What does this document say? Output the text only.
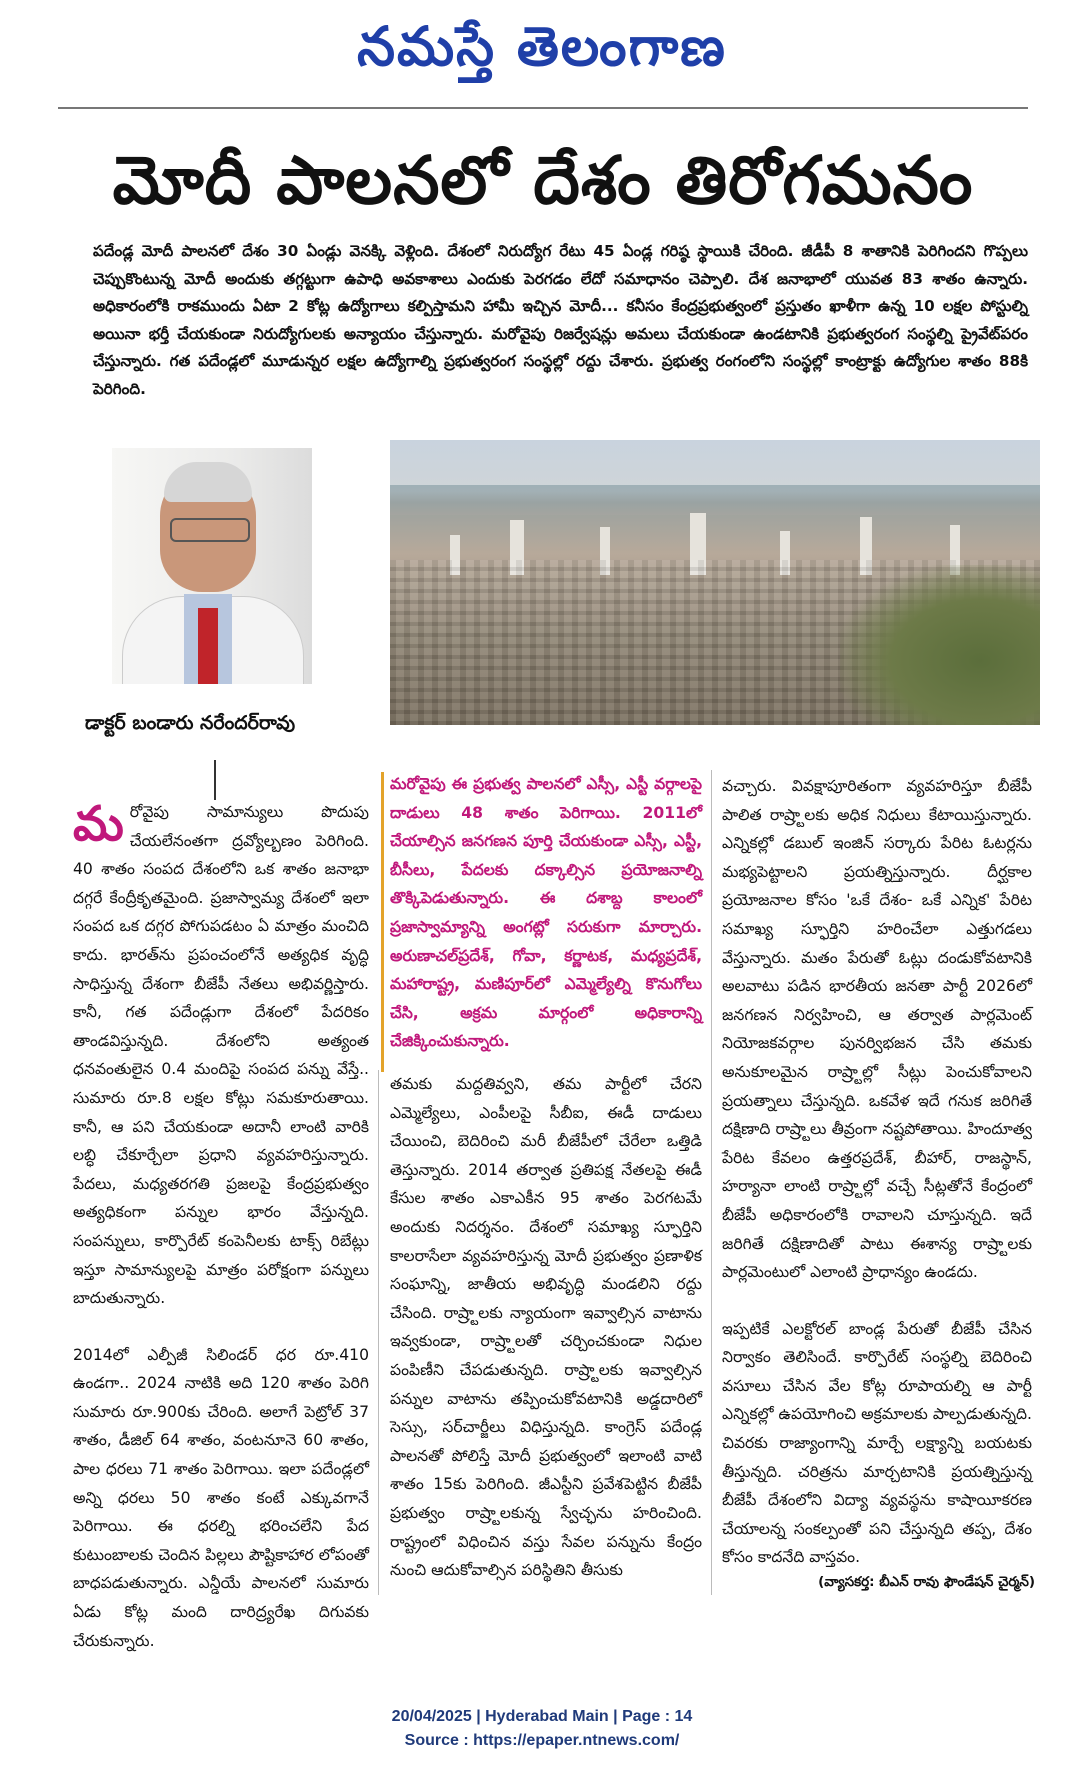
నమస్తే తెలంగాణ
మోదీ పాలనలో దేశం తిరోగమనం
పదేండ్ల మోదీ పాలనలో దేశం 30 ఏండ్లు వెనక్కి వెళ్లింది. దేశంలో నిరుద్యోగ రేటు 45 ఏండ్ల గరిష్ఠ స్థాయికి చేరింది. జీడీపీ 8 శాతానికి పెరిగిందని గొప్పలు చెప్పుకొంటున్న మోదీ అందుకు తగ్గట్టుగా ఉపాధి అవకాశాలు ఎందుకు పెరగడం లేదో సమాధానం చెప్పాలి. దేశ జనాభాలో యువత 83 శాతం ఉన్నారు. అధికారంలోకి రాకముందు ఏటా 2 కోట్ల ఉద్యోగాలు కల్పిస్తామని హామీ ఇచ్చిన మోదీ... కనీసం కేంద్రప్రభుత్వంలో ప్రస్తుతం ఖాళీగా ఉన్న 10 లక్షల పోస్టుల్ని అయినా భర్తీ చేయకుండా నిరుద్యోగులకు అన్యాయం చేస్తున్నారు. మరోవైపు రిజర్వేషన్లు అమలు చేయకుండా ఉండటానికి ప్రభుత్వరంగ సంస్థల్ని ప్రైవేట్‌పరం చేస్తున్నారు. గత పదేండ్లలో మూడున్నర లక్షల ఉద్యోగాల్ని ప్రభుత్వరంగ సంస్థల్లో రద్దు చేశారు. ప్రభుత్వ రంగంలోని సంస్థల్లో కాంట్రాక్టు ఉద్యోగుల శాతం 88కి పెరిగింది.
డాక్టర్ బండారు నరేందర్‌రావు

మరోవైపు సామాన్యులు పొదుపు చేయలేనంతగా ద్రవ్యోల్బణం పెరిగింది. 40 శాతం సంపద దేశంలోని ఒక శాతం జనాభా దగ్గరే కేంద్రీకృతమైంది. ప్రజాస్వామ్య దేశంలో ఇలా సంపద ఒక దగ్గర పోగుపడటం ఏ మాత్రం మంచిది కాదు. భారత్‌ను ప్రపంచంలోనే అత్యధిక వృద్ధి సాధిస్తున్న దేశంగా బీజేపీ నేతలు అభివర్ణిస్తారు. కానీ, గత పదేండ్లుగా దేశంలో పేదరికం తాండవిస్తున్నది. దేశంలోని అత్యంత ధనవంతులైన 0.4 మందిపై సంపద పన్ను వేస్తే.. సుమారు రూ.8 లక్షల కోట్లు సమకూరుతాయి. కానీ, ఆ పని చేయకుండా అదానీ లాంటి వారికి లబ్ధి చేకూర్చేలా ప్రధాని వ్యవహరిస్తున్నారు. పేదలు, మధ్యతరగతి ప్రజలపై కేంద్రప్రభుత్వం అత్యధికంగా పన్నుల భారం వేస్తున్నది. సంపన్నులు, కార్పొరేట్ కంపెనీలకు టాక్స్ రిబేట్లు ఇస్తూ సామాన్యులపై మాత్రం పరోక్షంగా పన్నులు బాదుతున్నారు.

2014లో ఎల్పీజీ సిలిండర్ ధర రూ.410 ఉండగా.. 2024 నాటికి అది 120 శాతం పెరిగి సుమారు రూ.900కు చేరింది. అలాగే పెట్రోల్ 37 శాతం, డీజిల్ 64 శాతం, వంటనూనె 60 శాతం, పాల ధరలు 71 శాతం పెరిగాయి. ఇలా పదేండ్లలో అన్ని ధరలు 50 శాతం కంటే ఎక్కువగానే పెరిగాయి. ఈ ధరల్ని భరించలేని పేద కుటుంబాలకు చెందిన పిల్లలు పౌష్టికాహార లోపంతో బాధపడుతున్నారు. ఎన్డీయే పాలనలో సుమారు ఏడు కోట్ల మంది దారిద్ర్యరేఖ దిగువకు చేరుకున్నారు.

మరోవైపు ఈ ప్రభుత్వ పాలనలో ఎస్సీ, ఎస్టీ వర్గాలపై దాడులు 48 శాతం పెరిగాయి. 2011లో చేయాల్సిన జనగణన పూర్తి చేయకుండా ఎస్సీ, ఎస్టీ, బీసీలు, పేదలకు దక్కాల్సిన ప్రయోజనాల్ని తొక్కిపెడుతున్నారు. ఈ దశాబ్ద కాలంలో ప్రజాస్వామ్యాన్ని అంగట్లో సరుకుగా మార్చారు. అరుణాచల్‌ప్రదేశ్, గోవా, కర్ణాటక, మధ్యప్రదేశ్, మహారాష్ట్ర, మణిపూర్‌లో ఎమ్మెల్యేల్ని కొనుగోలు చేసి, అక్రమ మార్గంలో అధికారాన్ని చేజిక్కించుకున్నారు.

తమకు మద్దతివ్వని, తమ పార్టీలో చేరని ఎమ్మెల్యేలు, ఎంపీలపై సీబీఐ, ఈడీ దాడులు చేయించి, బెదిరించి మరీ బీజేపీలో చేరేలా ఒత్తిడి తెస్తున్నారు. 2014 తర్వాత ప్రతిపక్ష నేతలపై ఈడీ కేసుల శాతం ఎకాఎకీన 95 శాతం పెరగటమే అందుకు నిదర్శనం. దేశంలో సమాఖ్య స్ఫూర్తిని కాలరాసేలా వ్యవహరిస్తున్న మోదీ ప్రభుత్వం ప్రణాళిక సంఘాన్ని, జాతీయ అభివృద్ధి మండలిని రద్దు చేసింది. రాష్ర్టాలకు న్యాయంగా ఇవ్వాల్సిన వాటాను ఇవ్వకుండా, రాష్ర్టాలతో చర్చించకుండా నిధుల పంపిణీని చేపడుతున్నది. రాష్ర్టాలకు ఇవ్వాల్సిన పన్నుల వాటాను తప్పించుకోవటానికి అడ్డదారిలో సెస్సు, సర్‌చార్జీలు విధిస్తున్నది. కాంగ్రెస్ పదేండ్ల పాలనతో పోలిస్తే మోదీ ప్రభుత్వంలో ఇలాంటి వాటి శాతం 15కు పెరిగింది. జీఎస్టీని ప్రవేశపెట్టిన బీజేపీ ప్రభుత్వం రాష్ర్టాలకున్న స్వేచ్ఛను హరించింది. రాష్ట్రంలో విధించిన వస్తు సేవల పన్నును కేంద్రం నుంచి ఆదుకోవాల్సిన పరిస్థితిని తీసుకు

వచ్చారు. వివక్షాపూరితంగా వ్యవహరిస్తూ బీజేపీ పాలిత రాష్ర్టాలకు అధిక నిధులు కేటాయిస్తున్నారు. ఎన్నికల్లో డబుల్ ఇంజిన్ సర్కారు పేరిట ఓటర్లను మభ్యపెట్టాలని ప్రయత్నిస్తున్నారు. దీర్ఘకాల ప్రయోజనాల కోసం 'ఒకే దేశం- ఒకే ఎన్నిక' పేరిట సమాఖ్య స్ఫూర్తిని హరించేలా ఎత్తుగడలు వేస్తున్నారు. మతం పేరుతో ఓట్లు దండుకోవటానికి అలవాటు పడిన భారతీయ జనతా పార్టీ 2026లో జనగణన నిర్వహించి, ఆ తర్వాత పార్లమెంట్ నియోజకవర్గాల పునర్విభజన చేసి తమకు అనుకూలమైన రాష్ర్టాల్లో సీట్లు పెంచుకోవాలని ప్రయత్నాలు చేస్తున్నది. ఒకవేళ ఇదే గనుక జరిగితే దక్షిణాది రాష్ర్టాలు తీవ్రంగా నష్టపోతాయి. హిందూత్వ పేరిట కేవలం ఉత్తరప్రదేశ్, బీహార్, రాజస్థాన్, హర్యానా లాంటి రాష్ర్టాల్లో వచ్చే సీట్లతోనే కేంద్రంలో బీజేపీ అధికారంలోకి రావాలని చూస్తున్నది. ఇదే జరిగితే దక్షిణాదితో పాటు ఈశాన్య రాష్ర్టాలకు పార్లమెంటులో ఎలాంటి ప్రాధాన్యం ఉండదు.

ఇప్పటికే ఎలక్టోరల్ బాండ్ల పేరుతో బీజేపీ చేసిన నిర్వాకం తెలిసిందే. కార్పొరేట్ సంస్థల్ని బెదిరించి వసూలు చేసిన వేల కోట్ల రూపాయల్ని ఆ పార్టీ ఎన్నికల్లో ఉపయోగించి అక్రమాలకు పాల్పడుతున్నది. చివరకు రాజ్యాంగాన్ని మార్చే లక్ష్యాన్ని బయటకు తీస్తున్నది. చరిత్రను మార్చటానికి ప్రయత్నిస్తున్న బీజేపీ దేశంలోని విద్యా వ్యవస్థను కాషాయీకరణ చేయాలన్న సంకల్పంతో పని చేస్తున్నది తప్ప, దేశం కోసం కాదనేది వాస్తవం.

(వ్యాసకర్త: బీఎన్ రావు ఫౌండేషన్ చైర్మన్)
20/04/2025 | Hyderabad Main | Page : 14
Source : https://epaper.ntnews.com/
